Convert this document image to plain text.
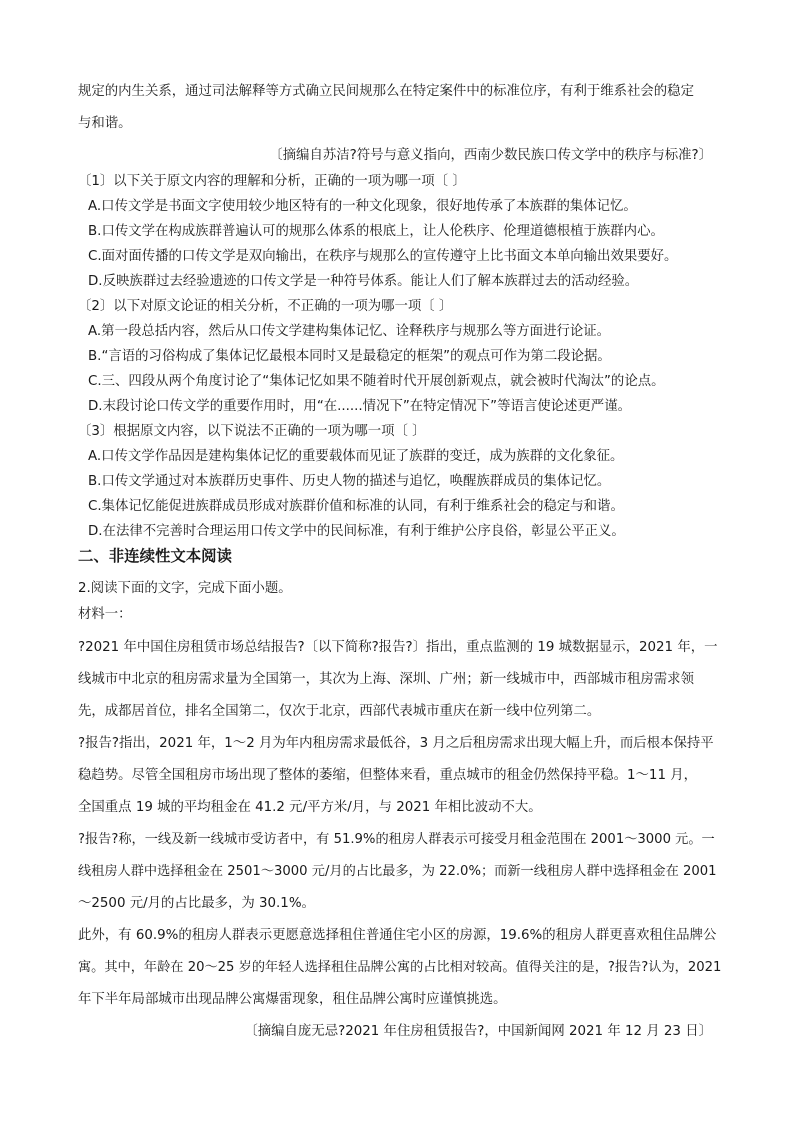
规定的内生关系，通过司法解释等方式确立民间规那么在特定案件中的标准位序，有利于维系社会的稳定
与和谐。
〔摘编自苏洁?符号与意义指向，西南少数民族口传文学中的秩序与标准?〕
〔1〕以下关于原文内容的理解和分析，正确的一项为哪一项〔 〕
A.口传文学是书面文字使用较少地区特有的一种文化现象，很好地传承了本族群的集体记忆。
B.口传文学在构成族群普遍认可的规那么体系的根底上，让人伦秩序、伦理道德根植于族群内心。
C.面对面传播的口传文学是双向输出，在秩序与规那么的宣传遵守上比书面文本单向输出效果要好。
D.反映族群过去经验遗迹的口传文学是一种符号体系。能让人们了解本族群过去的活动经验。
〔2〕以下对原文论证的相关分析，不正确的一项为哪一项〔 〕
A.第一段总括内容，然后从口传文学建构集体记忆、诠释秩序与规那么等方面进行论证。
B.“言语的习俗构成了集体记忆最根本同时又是最稳定的框架”的观点可作为第二段论据。
C.三、四段从两个角度讨论了“集体记忆如果不随着时代开展创新观点，就会被时代淘汰”的论点。
D.末段讨论口传文学的重要作用时，用“在......情况下”在特定情况下”等语言使论述更严谨。
〔3〕根据原文内容，以下说法不正确的一项为哪一项〔 〕
A.口传文学作品因是建构集体记忆的重要载体而见证了族群的变迁，成为族群的文化象征。
B.口传文学通过对本族群历史事件、历史人物的描述与追忆，唤醒族群成员的集体记忆。
C.集体记忆能促进族群成员形成对族群价值和标准的认同，有利于维系社会的稳定与和谐。
D.在法律不完善时合理运用口传文学中的民间标准，有利于维护公序良俗，彰显公平正义。
二、非连续性文本阅读
2.阅读下面的文字，完成下面小题。
材料一：
?2021 年中国住房租赁市场总结报告?〔以下简称?报告?〕指出，重点监测的 19 城数据显示，2021 年，一
线城市中北京的租房需求量为全国第一，其次为上海、深圳、广州；新一线城市中，西部城市租房需求领
先，成都居首位，排名全国第二，仅次于北京，西部代表城市重庆在新一线中位列第二。
?报告?指出，2021 年，1～2 月为年内租房需求最低谷，3 月之后租房需求出现大幅上升，而后根本保持平
稳趋势。尽管全国租房市场出现了整体的萎缩，但整体来看，重点城市的租金仍然保持平稳。1～11 月，
全国重点 19 城的平均租金在 41.2 元/平方米/月，与 2021 年相比波动不大。
?报告?称，一线及新一线城市受访者中，有 51.9%的租房人群表示可接受月租金范围在 2001～3000 元。一
线租房人群中选择租金在 2501～3000 元/月的占比最多，为 22.0%；而新一线租房人群中选择租金在 2001
～2500 元/月的占比最多，为 30.1%。
此外，有 60.9%的租房人群表示更愿意选择租住普通住宅小区的房源，19.6%的租房人群更喜欢租住品牌公
寓。其中，年龄在 20～25 岁的年轻人选择租住品牌公寓的占比相对较高。值得关注的是，?报告?认为，2021
年下半年局部城市出现品牌公寓爆雷现象，租住品牌公寓时应谨慎挑选。
〔摘编自庞无忌?2021 年住房租赁报告?，中国新闻网 2021 年 12 月 23 日〕
